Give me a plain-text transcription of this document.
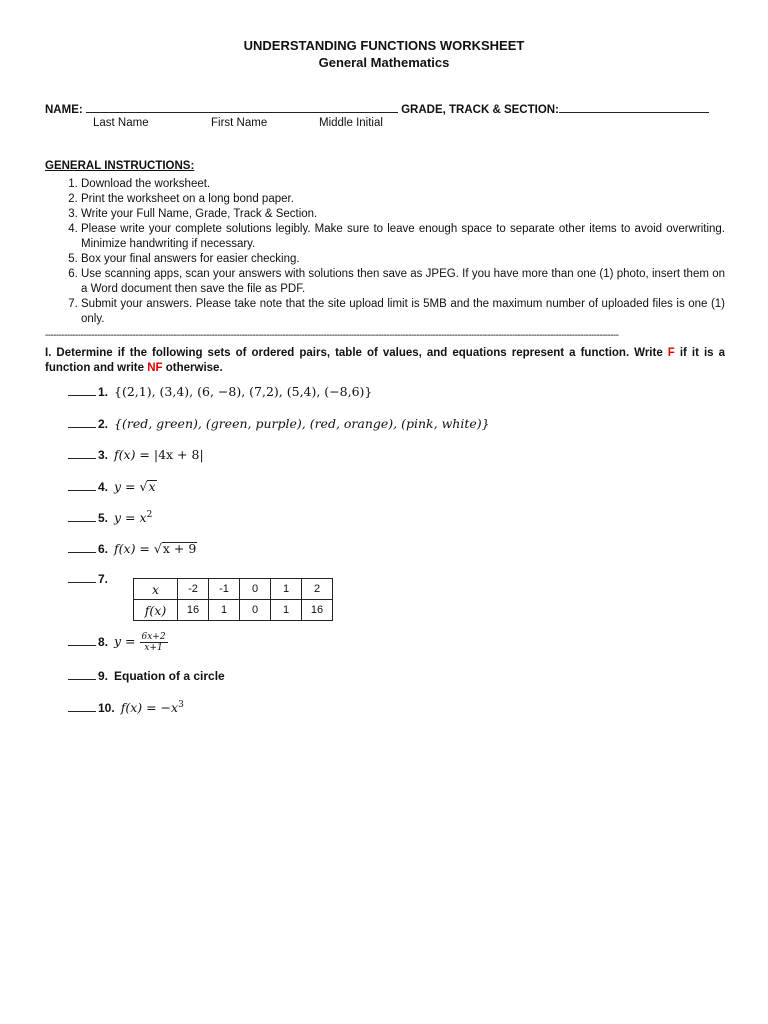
UNDERSTANDING FUNCTIONS WORKSHEET
General Mathematics
NAME:	GRADE, TRACK & SECTION:
Last Name	First Name	Middle Initial
GENERAL INSTRUCTIONS:
1. Download the worksheet.
2. Print the worksheet on a long bond paper.
3. Write your Full Name, Grade, Track & Section.
4. Please write your complete solutions legibly. Make sure to leave enough space to separate other items to avoid overwriting. Minimize handwriting if necessary.
5. Box your final answers for easier checking.
6. Use scanning apps, scan your answers with solutions then save as JPEG. If you have more than one (1) photo, insert them on a Word document then save the file as PDF.
7. Submit your answers. Please take note that the site upload limit is 5MB and the maximum number of uploaded files is one (1) only.
------------------------------------------------------------------------------------------------------------------------------------------------------------------------------------------------------------------
I. Determine if the following sets of ordered pairs, table of values, and equations represent a function. Write F if it is a function and write NF otherwise.
1. {(2,1), (3,4), (6, −8), (7,2), (5,4), (−8,6)}
2. {(red, green), (green, purple), (red, orange), (pink, white)}
3. f(x) = |4x + 8|
4. y = √x
5. $y = x^2$
6. f(x) = √x + 9
7.
x	-2	-1	0	1	2
f(x)	16	1	0	1	16
8. $y = \frac{6x+2}{x+1}$
9. Equation of a circle
10. $f(x) = -x^3$
